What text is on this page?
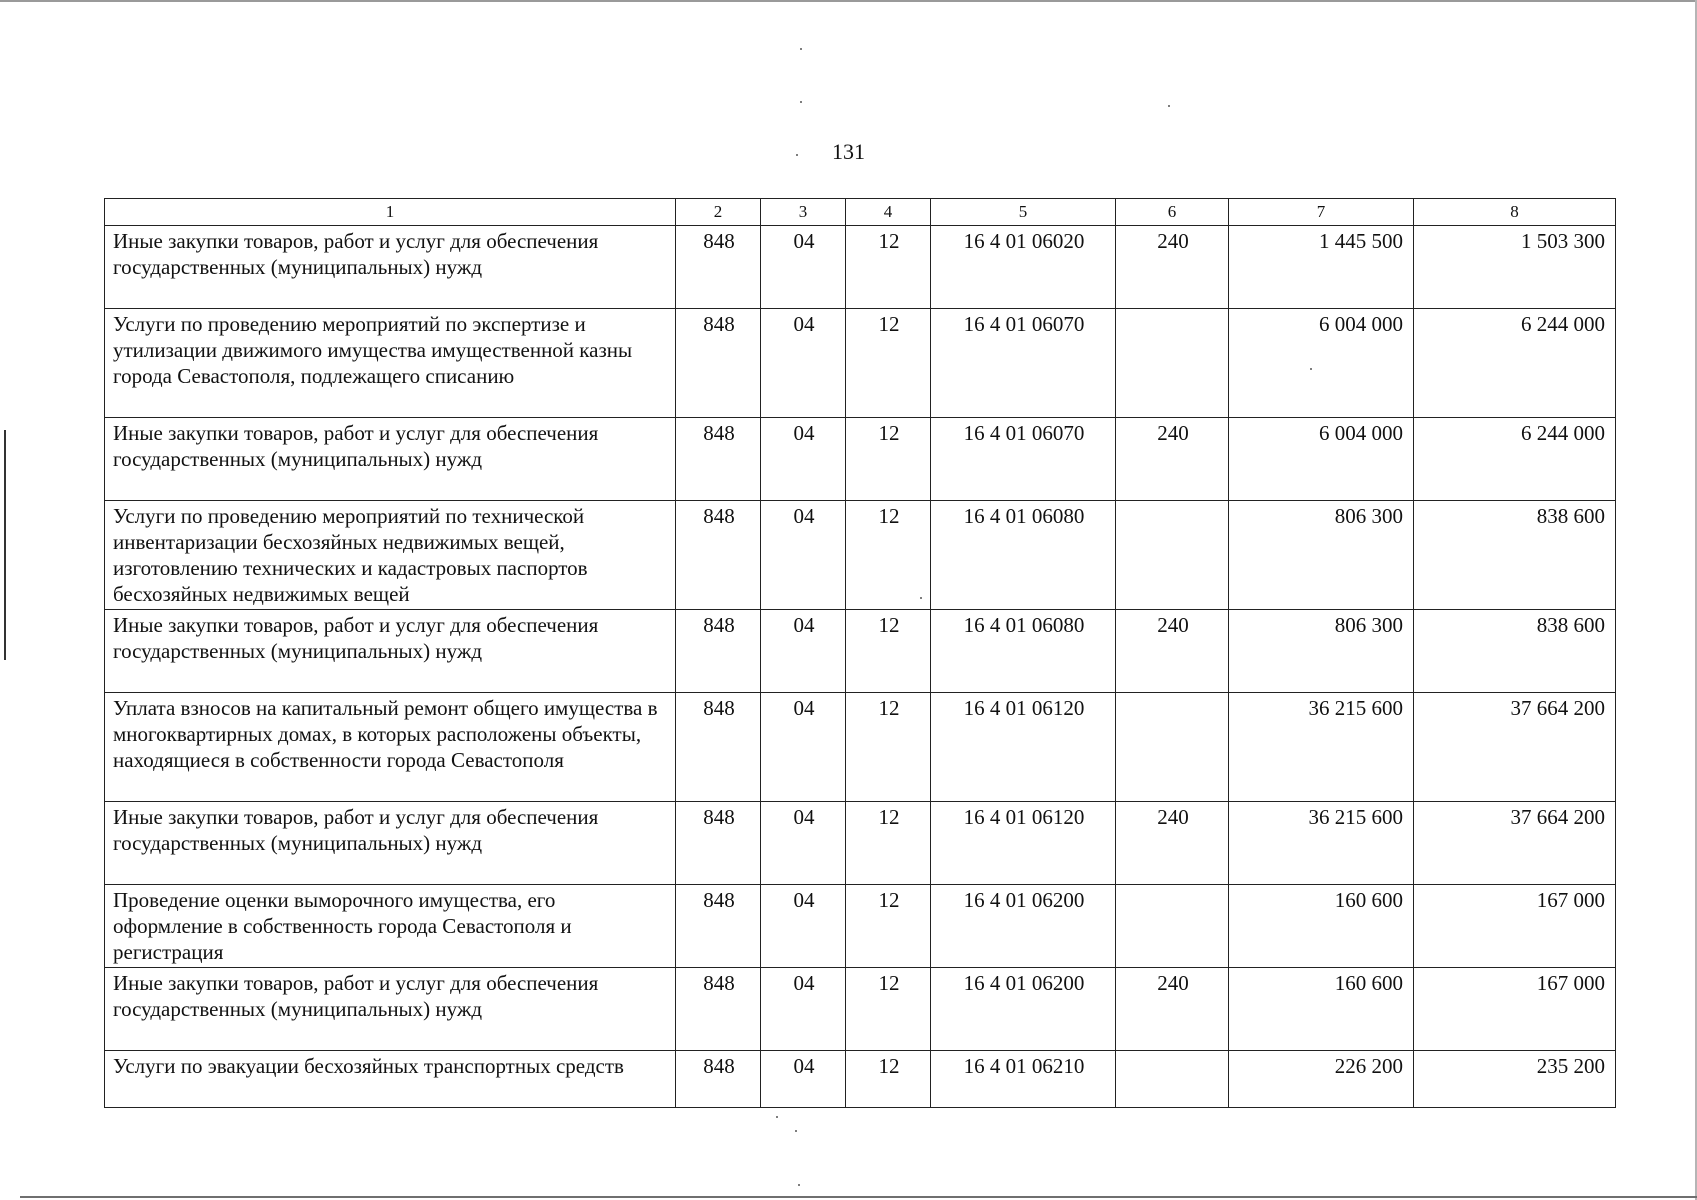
131
1	2	3	4	5	6	7	8
Иные закупки товаров, работ и услуг для обеспечения государственных (муниципальных) нужд	848	04	12	16 4 01 06020	240	1 445 500	1 503 300
Услуги по проведению мероприятий по экспертизе и утилизации движимого имущества имущественной казны города Севастополя, подлежащего списанию	848	04	12	16 4 01 06070		6 004 000	6 244 000
Иные закупки товаров, работ и услуг для обеспечения государственных (муниципальных) нужд	848	04	12	16 4 01 06070	240	6 004 000	6 244 000
Услуги по проведению мероприятий по технической инвентаризации бесхозяйных недвижимых вещей, изготовлению технических и кадастровых паспортов бесхозяйных недвижимых вещей	848	04	12	16 4 01 06080		806 300	838 600
Иные закупки товаров, работ и услуг для обеспечения государственных (муниципальных) нужд	848	04	12	16 4 01 06080	240	806 300	838 600
Уплата взносов на капитальный ремонт общего имущества в многоквартирных домах, в которых расположены объекты, находящиеся в собственности города Севастополя	848	04	12	16 4 01 06120		36 215 600	37 664 200
Иные закупки товаров, работ и услуг для обеспечения государственных (муниципальных) нужд	848	04	12	16 4 01 06120	240	36 215 600	37 664 200
Проведение оценки выморочного имущества, его оформление в собственность города Севастополя и регистрация	848	04	12	16 4 01 06200		160 600	167 000
Иные закупки товаров, работ и услуг для обеспечения государственных (муниципальных) нужд	848	04	12	16 4 01 06200	240	160 600	167 000
Услуги по эвакуации бесхозяйных транспортных средств	848	04	12	16 4 01 06210		226 200	235 200
